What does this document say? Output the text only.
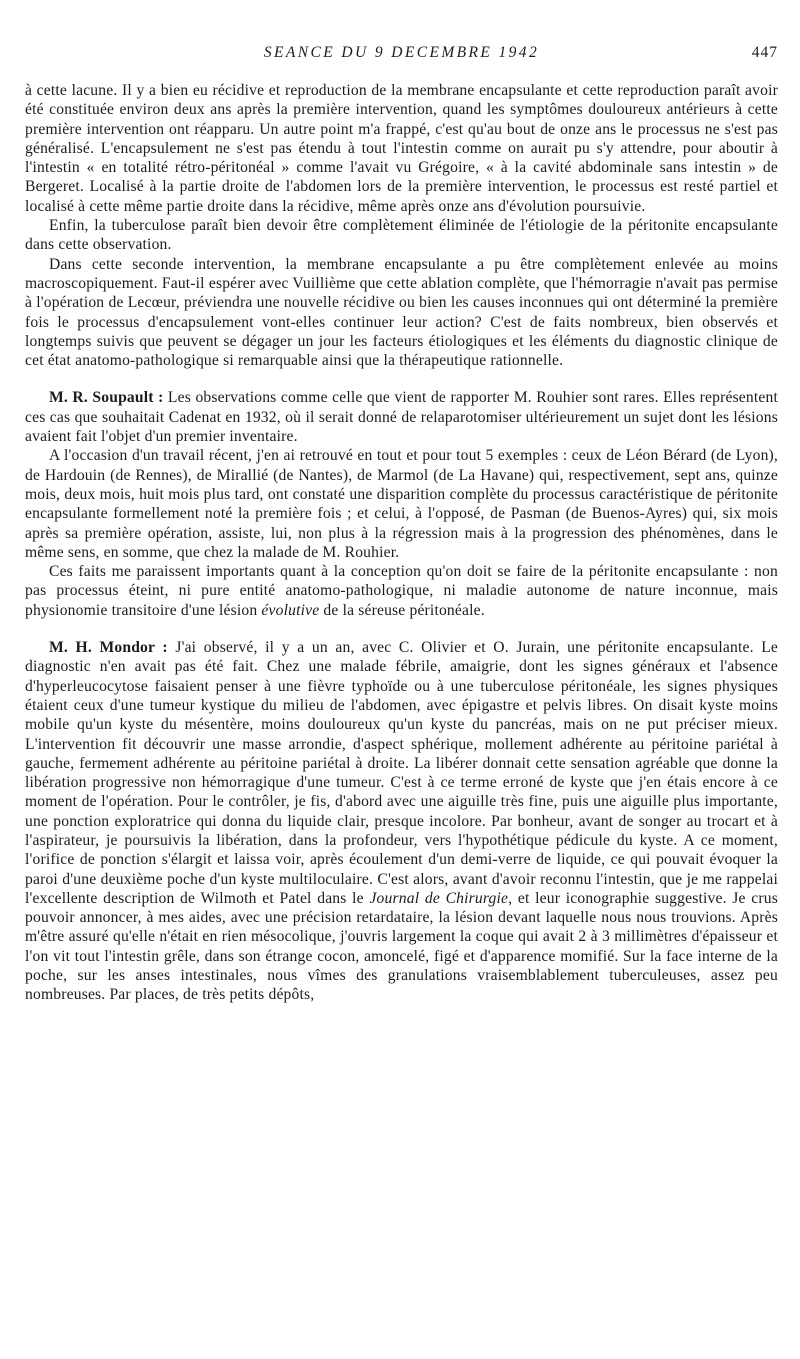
SEANCE DU 9 DECEMBRE 1942	447

à cette lacune. Il y a bien eu récidive et reproduction de la membrane encapsulante et cette reproduction paraît avoir été constituée environ deux ans après la première intervention, quand les symptômes douloureux antérieurs à cette première intervention ont réapparu. Un autre point m'a frappé, c'est qu'au bout de onze ans le processus ne s'est pas généralisé. L'encapsulement ne s'est pas étendu à tout l'intestin comme on aurait pu s'y attendre, pour aboutir à l'intestin « en totalité rétro-péritonéal » comme l'avait vu Grégoire, « à la cavité abdominale sans intestin » de Bergeret. Localisé à la partie droite de l'abdomen lors de la première intervention, le processus est resté partiel et localisé à cette même partie droite dans la récidive, même après onze ans d'évolution poursuivie.

Enfin, la tuberculose paraît bien devoir être complètement éliminée de l'étiologie de la péritonite encapsulante dans cette observation.

Dans cette seconde intervention, la membrane encapsulante a pu être complètement enlevée au moins macroscopiquement. Faut-il espérer avec Vuillième que cette ablation complète, que l'hémorragie n'avait pas permise à l'opération de Lecœur, préviendra une nouvelle récidive ou bien les causes inconnues qui ont déterminé la première fois le processus d'encapsulement vont-elles continuer leur action? C'est de faits nombreux, bien observés et longtemps suivis que peuvent se dégager un jour les facteurs étiologiques et les éléments du diagnostic clinique de cet état anatomo-pathologique si remarquable ainsi que la thérapeutique rationnelle.

M. R. Soupault : Les observations comme celle que vient de rapporter M. Rouhier sont rares. Elles représentent ces cas que souhaitait Cadenat en 1932, où il serait donné de relaparotomiser ultérieurement un sujet dont les lésions avaient fait l'objet d'un premier inventaire.

A l'occasion d'un travail récent, j'en ai retrouvé en tout et pour tout 5 exemples : ceux de Léon Bérard (de Lyon), de Hardouin (de Rennes), de Mirallié (de Nantes), de Marmol (de La Havane) qui, respectivement, sept ans, quinze mois, deux mois, huit mois plus tard, ont constaté une disparition complète du processus caractéristique de péritonite encapsulante formellement noté la première fois ; et celui, à l'opposé, de Pasman (de Buenos-Ayres) qui, six mois après sa première opération, assiste, lui, non plus à la régression mais à la progression des phénomènes, dans le même sens, en somme, que chez la malade de M. Rouhier.

Ces faits me paraissent importants quant à la conception qu'on doit se faire de la péritonite encapsulante : non pas processus éteint, ni pure entité anatomo-pathologique, ni maladie autonome de nature inconnue, mais physionomie transitoire d'une lésion évolutive de la séreuse péritonéale.

M. H. Mondor : J'ai observé, il y a un an, avec C. Olivier et O. Jurain, une péritonite encapsulante. Le diagnostic n'en avait pas été fait. Chez une malade fébrile, amaigrie, dont les signes généraux et l'absence d'hyperleucocytose faisaient penser à une fièvre typhoïde ou à une tuberculose péritonéale, les signes physiques étaient ceux d'une tumeur kystique du milieu de l'abdomen, avec épigastre et pelvis libres. On disait kyste moins mobile qu'un kyste du mésentère, moins douloureux qu'un kyste du pancréas, mais on ne put préciser mieux. L'intervention fit découvrir une masse arrondie, d'aspect sphérique, mollement adhérente au péritoine pariétal à gauche, fermement adhérente au péritoine pariétal à droite. La libérer donnait cette sensation agréable que donne la libération progressive non hémorragique d'une tumeur. C'est à ce terme erroné de kyste que j'en étais encore à ce moment de l'opération. Pour le contrôler, je fis, d'abord avec une aiguille très fine, puis une aiguille plus importante, une ponction exploratrice qui donna du liquide clair, presque incolore. Par bonheur, avant de songer au trocart et à l'aspirateur, je poursuivis la libération, dans la profondeur, vers l'hypothétique pédicule du kyste. A ce moment, l'orifice de ponction s'élargit et laissa voir, après écoulement d'un demi-verre de liquide, ce qui pouvait évoquer la paroi d'une deuxième poche d'un kyste multiloculaire. C'est alors, avant d'avoir reconnu l'intestin, que je me rappelai l'excellente description de Wilmoth et Patel dans le Journal de Chirurgie, et leur iconographie suggestive. Je crus pouvoir annoncer, à mes aides, avec une précision retardataire, la lésion devant laquelle nous nous trouvions. Après m'être assuré qu'elle n'était en rien mésocolique, j'ouvris largement la coque qui avait 2 à 3 millimètres d'épaisseur et l'on vit tout l'intestin grêle, dans son étrange cocon, amoncelé, figé et d'apparence momifié. Sur la face interne de la poche, sur les anses intestinales, nous vîmes des granulations vraisemblablement tuberculeuses, assez peu nombreuses. Par places, de très petits dépôts,
